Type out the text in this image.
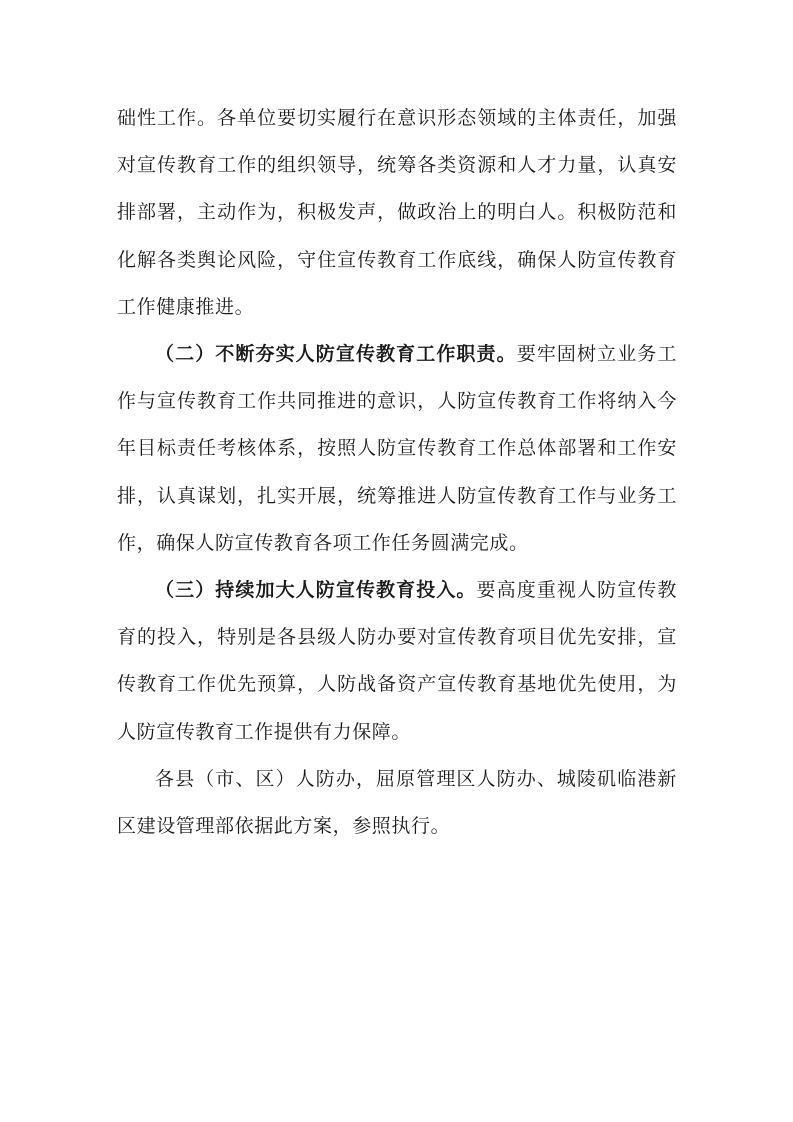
础性工作。各单位要切实履行在意识形态领域的主体责任，加强对宣传教育工作的组织领导，统筹各类资源和人才力量，认真安排部署，主动作为，积极发声，做政治上的明白人。积极防范和化解各类舆论风险，守住宣传教育工作底线，确保人防宣传教育工作健康推进。

（二）不断夯实人防宣传教育工作职责。要牢固树立业务工作与宣传教育工作共同推进的意识，人防宣传教育工作将纳入今年目标责任考核体系，按照人防宣传教育工作总体部署和工作安排，认真谋划，扎实开展，统筹推进人防宣传教育工作与业务工作，确保人防宣传教育各项工作任务圆满完成。

（三）持续加大人防宣传教育投入。要高度重视人防宣传教育的投入，特别是各县级人防办要对宣传教育项目优先安排，宣传教育工作优先预算，人防战备资产宣传教育基地优先使用，为人防宣传教育工作提供有力保障。

各县（市、区）人防办，屈原管理区人防办、城陵矶临港新区建设管理部依据此方案，参照执行。
